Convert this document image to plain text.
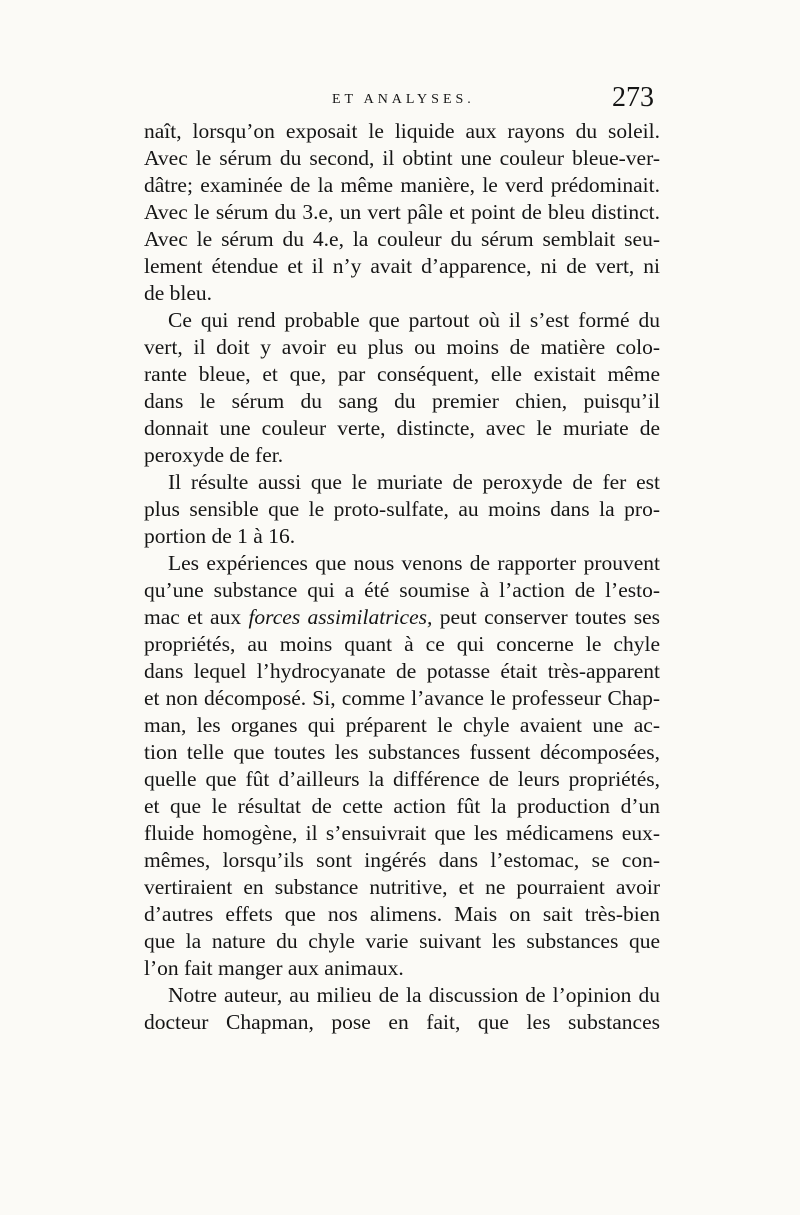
ET ANALYSES.	273
naît, lorsqu’on exposait le liquide aux rayons du soleil.
Avec le sérum du second, il obtint une couleur bleue-ver-
dâtre; examinée de la même manière, le verd prédominait.
Avec le sérum du 3.e, un vert pâle et point de bleu distinct.
Avec le sérum du 4.e, la couleur du sérum semblait seu-
lement étendue et il n’y avait d’apparence, ni de vert, ni
de bleu.
Ce qui rend probable que partout où il s’est formé du
vert, il doit y avoir eu plus ou moins de matière colo-
rante bleue, et que, par conséquent, elle existait même
dans le sérum du sang du premier chien, puisqu’il
donnait une couleur verte, distincte, avec le muriate de
peroxyde de fer.
Il résulte aussi que le muriate de peroxyde de fer est
plus sensible que le proto-sulfate, au moins dans la pro-
portion de 1 à 16.
Les expériences que nous venons de rapporter prouvent
qu’une substance qui a été soumise à l’action de l’esto-
mac et aux forces assimilatrices, peut conserver toutes ses
propriétés, au moins quant à ce qui concerne le chyle
dans lequel l’hydrocyanate de potasse était très-apparent
et non décomposé. Si, comme l’avance le professeur Chap-
man, les organes qui préparent le chyle avaient une ac-
tion telle que toutes les substances fussent décomposées,
quelle que fût d’ailleurs la différence de leurs propriétés,
et que le résultat de cette action fût la production d’un
fluide homogène, il s’ensuivrait que les médicamens eux-
mêmes, lorsqu’ils sont ingérés dans l’estomac, se con-
vertiraient en substance nutritive, et ne pourraient avoir
d’autres effets que nos alimens. Mais on sait très-bien
que la nature du chyle varie suivant les substances que
l’on fait manger aux animaux.
Notre auteur, au milieu de la discussion de l’opinion du
docteur Chapman, pose en fait, que les substances
